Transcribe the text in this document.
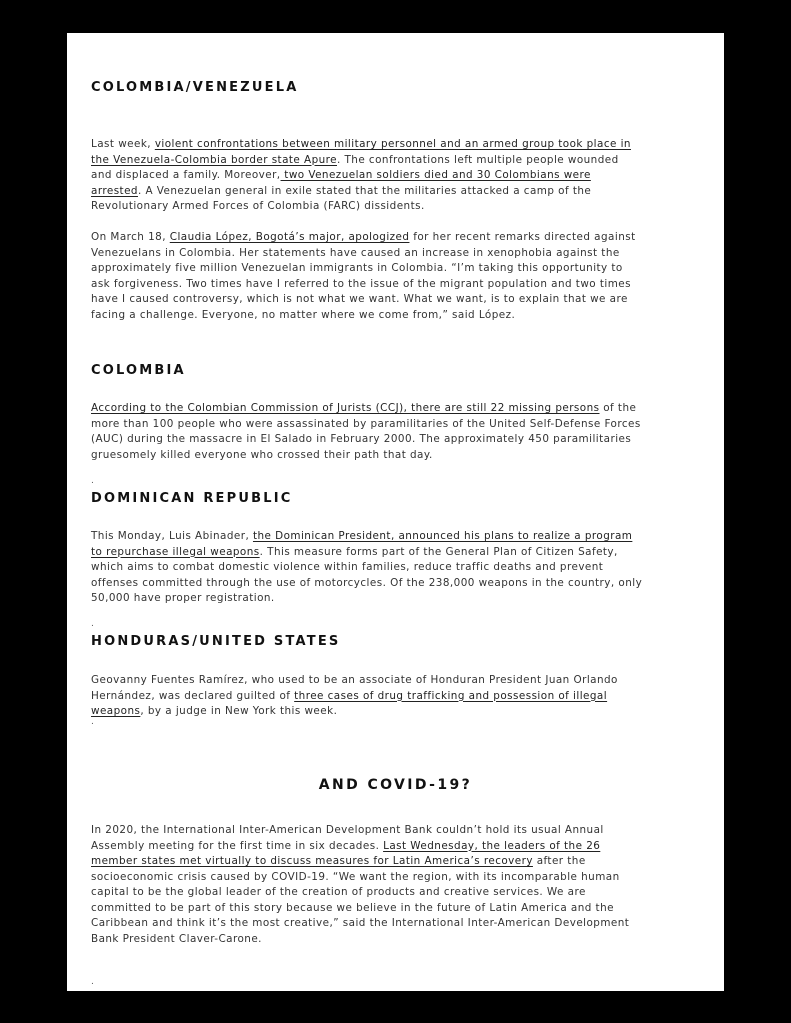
COLOMBIA/VENEZUELA

Last week, violent confrontations between military personnel and an armed group took place in the Venezuela-Colombia border state Apure. The confrontations left multiple people wounded and displaced a family. Moreover, two Venezuelan soldiers died and 30 Colombians were arrested. A Venezuelan general in exile stated that the militaries attacked a camp of the Revolutionary Armed Forces of Colombia (FARC) dissidents.

On March 18, Claudia López, Bogotá’s major, apologized for her recent remarks directed against Venezuelans in Colombia. Her statements have caused an increase in xenophobia against the approximately five million Venezuelan immigrants in Colombia. “I’m taking this opportunity to ask forgiveness. Two times have I referred to the issue of the migrant population and two times have I caused controversy, which is not what we want. What we want, is to explain that we are facing a challenge. Everyone, no matter where we come from,” said López.

COLOMBIA

According to the Colombian Commission of Jurists (CCJ), there are still 22 missing persons of the more than 100 people who were assassinated by paramilitaries of the United Self-Defense Forces (AUC) during the massacre in El Salado in February 2000. The approximately 450 paramilitaries gruesomely killed everyone who crossed their path that day.

.

DOMINICAN REPUBLIC

This Monday, Luis Abinader, the Dominican President, announced his plans to realize a program to repurchase illegal weapons. This measure forms part of the General Plan of Citizen Safety, which aims to combat domestic violence within families, reduce traffic deaths and prevent offenses committed through the use of motorcycles. Of the 238,000 weapons in the country, only 50,000 have proper registration.

.

HONDURAS/UNITED STATES

Geovanny Fuentes Ramírez, who used to be an associate of Honduran President Juan Orlando Hernández, was declared guilted of three cases of drug trafficking and possession of illegal weapons, by a judge in New York this week.

.

AND COVID-19?

In 2020, the International Inter-American Development Bank couldn’t hold its usual Annual Assembly meeting for the first time in six decades. Last Wednesday, the leaders of the 26 member states met virtually to discuss measures for Latin America’s recovery after the socioeconomic crisis caused by COVID-19. “We want the region, with its incomparable human capital to be the global leader of the creation of products and creative services. We are committed to be part of this story because we believe in the future of Latin America and the Caribbean and think it’s the most creative,” said the International Inter-American Development Bank President Claver-Carone.

.
